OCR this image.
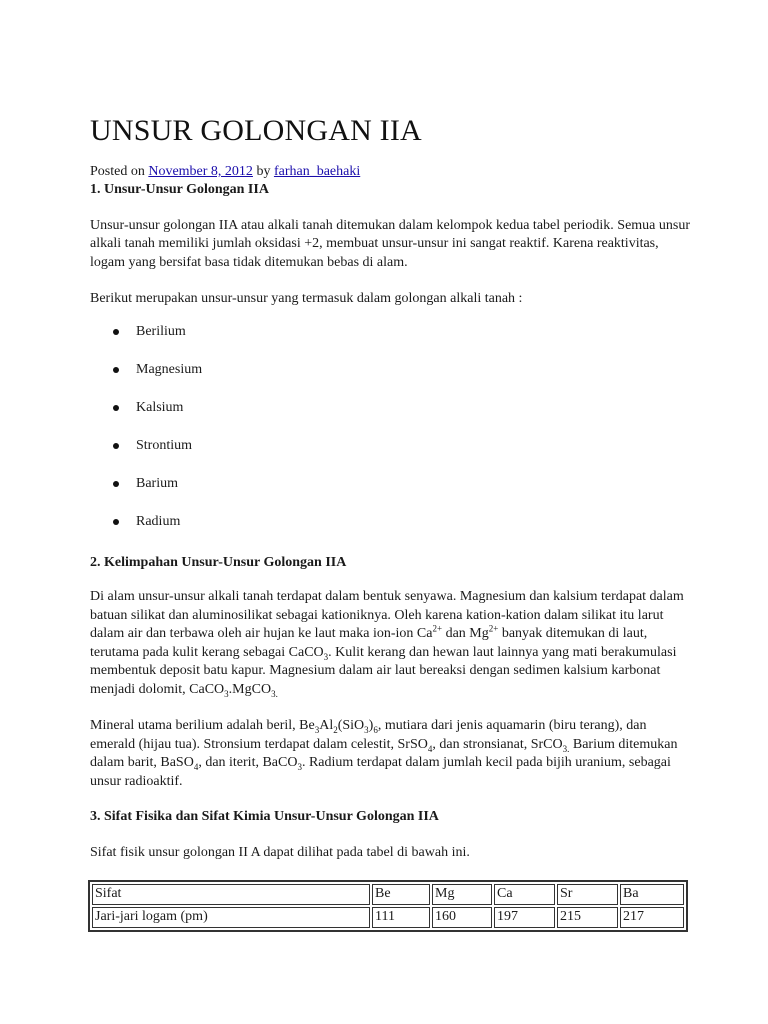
UNSUR GOLONGAN IIA
Posted on November 8, 2012 by farhan_baehaki
1. Unsur-Unsur Golongan IIA

Unsur-unsur golongan IIA atau alkali tanah ditemukan dalam kelompok kedua tabel periodik. Semua unsur alkali tanah memiliki jumlah oksidasi +2, membuat unsur-unsur ini sangat reaktif. Karena reaktivitas, logam yang bersifat basa tidak ditemukan bebas di alam.

Berikut merupakan unsur-unsur yang termasuk dalam golongan alkali tanah :

Berilium
Magnesium
Kalsium
Strontium
Barium
Radium
2. Kelimpahan Unsur-Unsur Golongan IIA

Di alam unsur-unsur alkali tanah terdapat dalam bentuk senyawa. Magnesium dan kalsium terdapat dalam batuan silikat dan aluminosilikat sebagai kationiknya. Oleh karena kation-kation dalam silikat itu larut dalam air dan terbawa oleh air hujan ke laut maka ion-ion $Ca^{2+}$ dan $Mg^{2+}$ banyak ditemukan di laut, terutama pada kulit kerang sebagai CaCO$_3$. Kulit kerang dan hewan laut lainnya yang mati berakumulasi membentuk deposit batu kapur. Magnesium dalam air laut bereaksi dengan sedimen kalsium karbonat menjadi dolomit, CaCO$_3$.MgCO$_{3.}$

Mineral utama berilium adalah beril, $Be_3Al_2(SiO_3)_6$, mutiara dari jenis aquamarin (biru terang), dan emerald (hijau tua). Stronsium terdapat dalam celestit, SrSO$_4$, dan stronsianat, SrCO$_{3.}$ Barium ditemukan dalam barit, BaSO$_4$, dan iterit, BaCO$_3$. Radium terdapat dalam jumlah kecil pada bijih uranium, sebagai unsur radioaktif.

3. Sifat Fisika dan Sifat Kimia Unsur-Unsur Golongan IIA

Sifat fisik unsur golongan II A dapat dilihat pada tabel di bawah ini.

Sifat	Be	Mg	Ca	Sr	Ba
Jari-jari logam (pm)	111	160	197	215	217
